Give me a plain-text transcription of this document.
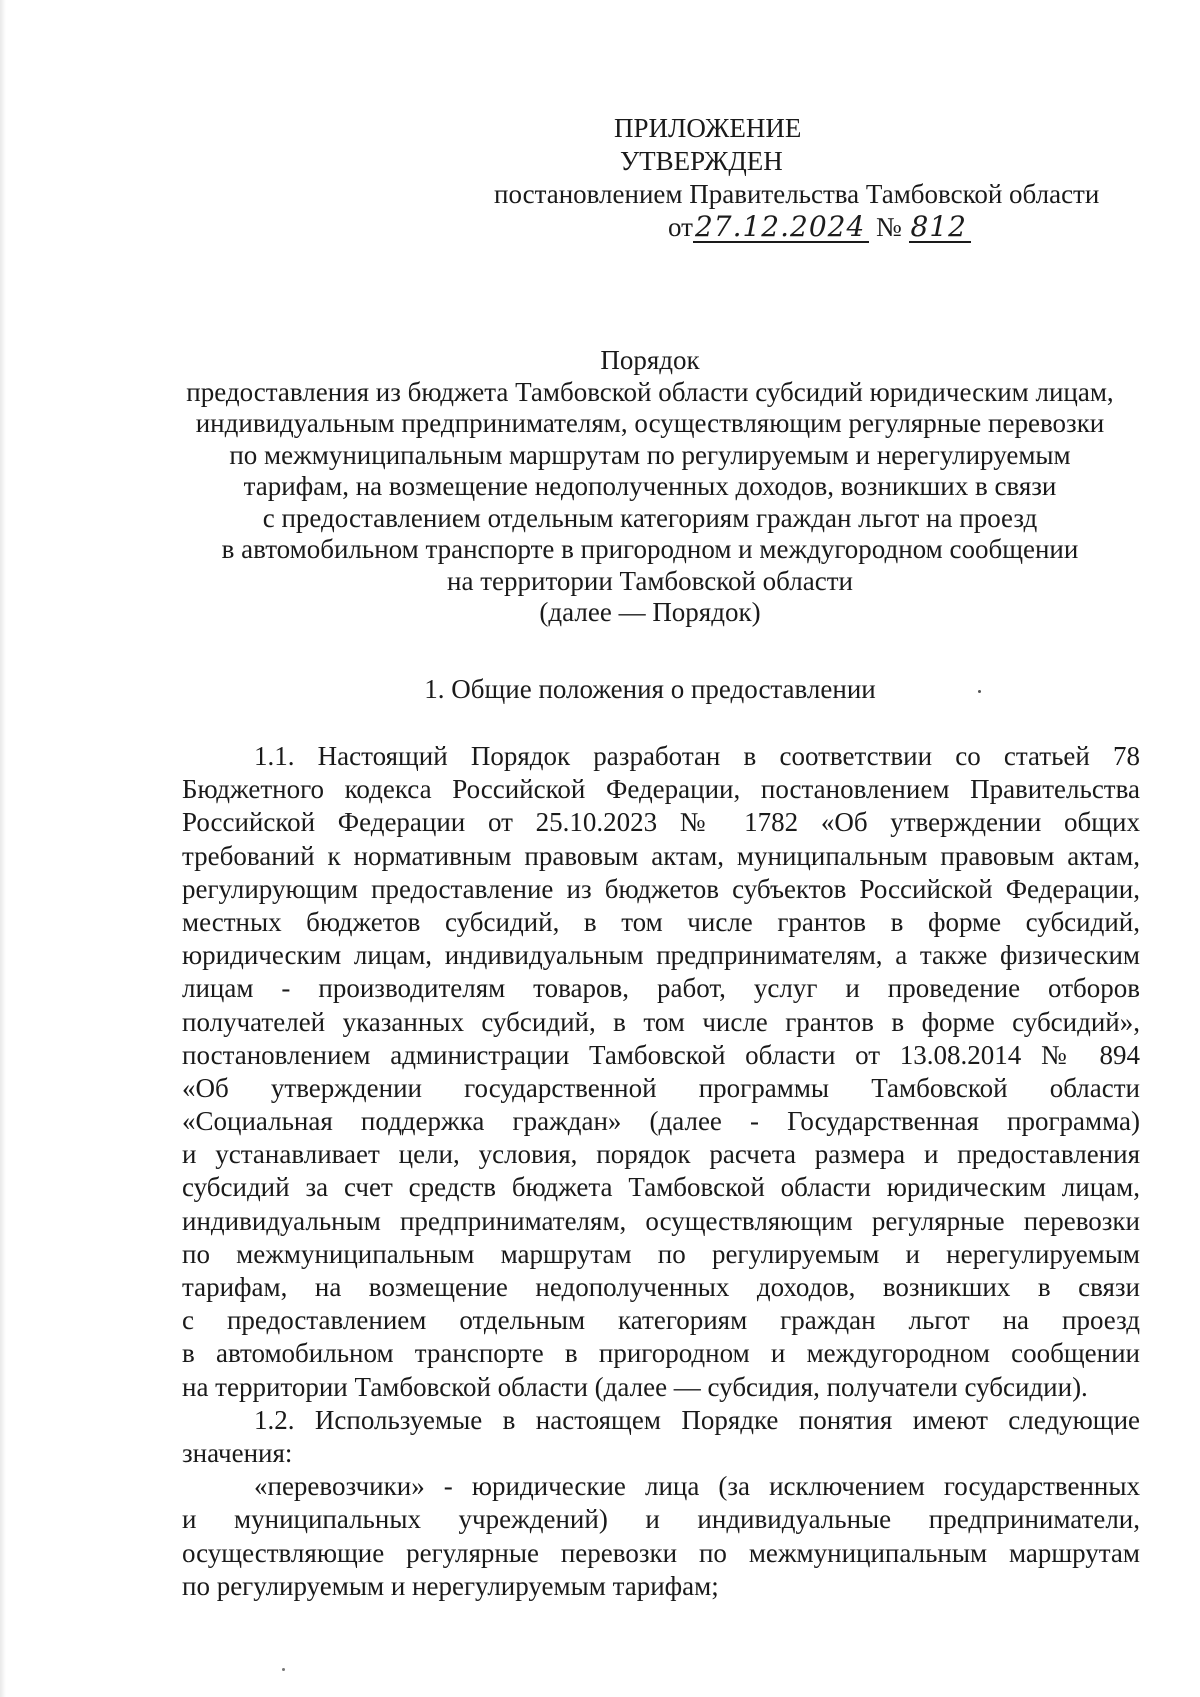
ПРИЛОЖЕНИЕ
УТВЕРЖДЕН
постановлением Правительства Тамбовской области
от27.12.2024 № 812
Порядок
предоставления из бюджета Тамбовской области субсидий юридическим лицам,
индивидуальным предпринимателям, осуществляющим регулярные перевозки
по межмуниципальным маршрутам по регулируемым и нерегулируемым
тарифам, на возмещение недополученных доходов, возникших в связи
с предоставлением отдельным категориям граждан льгот на проезд
в автомобильном транспорте в пригородном и междугородном сообщении
на территории Тамбовской области
(далее — Порядок)
1. Общие положения о предоставлении
1.1. Настоящий Порядок разработан в соответствии со статьей 78
Бюджетного кодекса Российской Федерации, постановлением Правительства
Российской Федерации от 25.10.2023 № 1782 «Об утверждении общих
требований к нормативным правовым актам, муниципальным правовым актам,
регулирующим предоставление из бюджетов субъектов Российской Федерации,
местных бюджетов субсидий, в том числе грантов в форме субсидий,
юридическим лицам, индивидуальным предпринимателям, а также физическим
лицам - производителям товаров, работ, услуг и проведение отборов
получателей указанных субсидий, в том числе грантов в форме субсидий»,
постановлением администрации Тамбовской области от 13.08.2014 № 894
«Об утверждении государственной программы Тамбовской области
«Социальная поддержка граждан» (далее - Государственная программа)
и устанавливает цели, условия, порядок расчета размера и предоставления
субсидий за счет средств бюджета Тамбовской области юридическим лицам,
индивидуальным предпринимателям, осуществляющим регулярные перевозки
по межмуниципальным маршрутам по регулируемым и нерегулируемым
тарифам, на возмещение недополученных доходов, возникших в связи
с предоставлением отдельным категориям граждан льгот на проезд
в автомобильном транспорте в пригородном и междугородном сообщении
на территории Тамбовской области (далее — субсидия, получатели субсидии).
1.2. Используемые в настоящем Порядке понятия имеют следующие
значения:
«перевозчики» - юридические лица (за исключением государственных
и муниципальных учреждений) и индивидуальные предприниматели,
осуществляющие регулярные перевозки по межмуниципальным маршрутам
по регулируемым и нерегулируемым тарифам;
